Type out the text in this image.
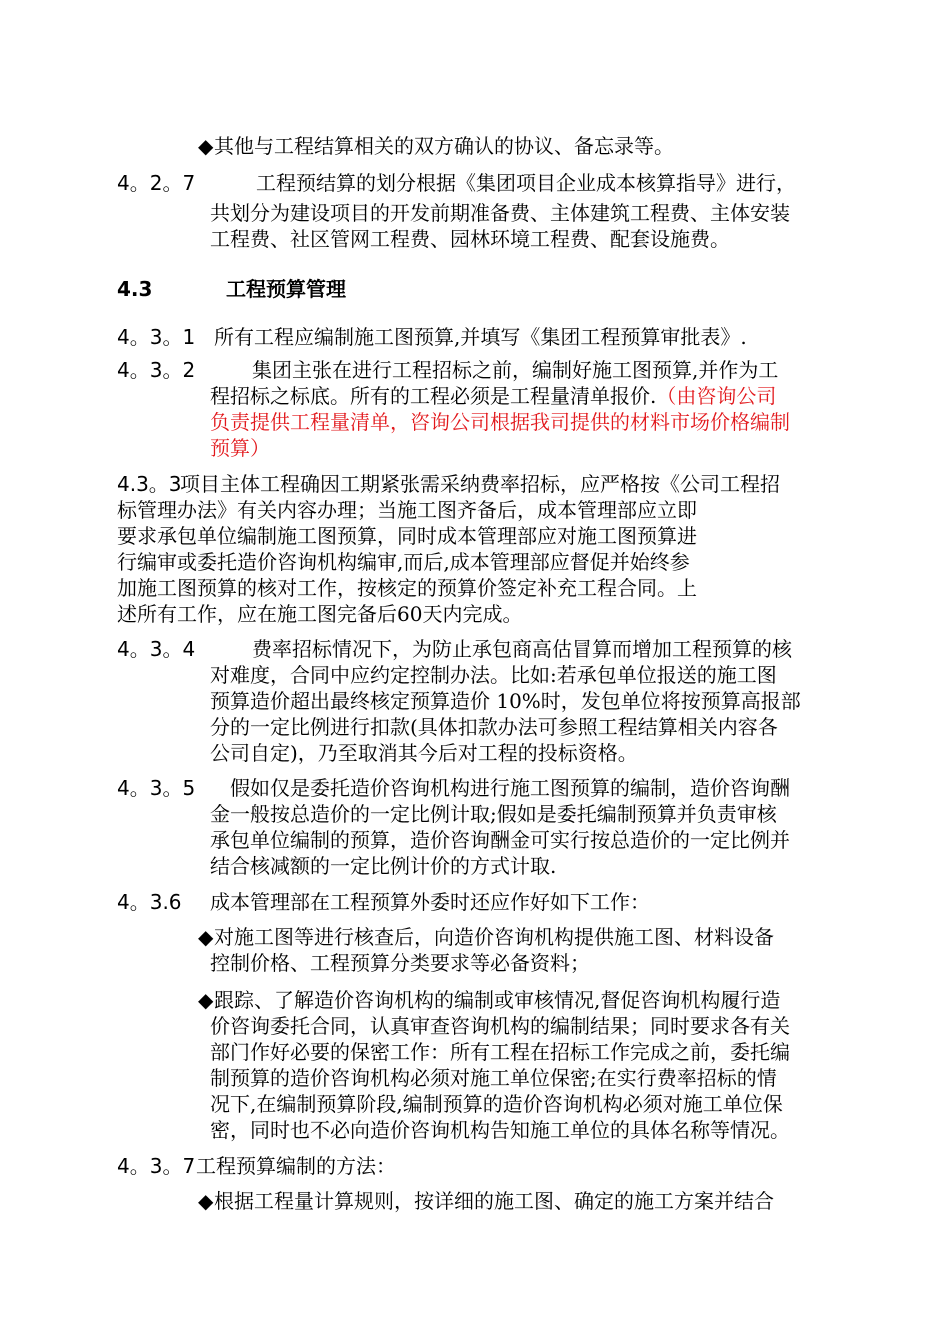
◆ 其他与工程结算相关的双方确认的协议、备忘录等。
4。2。7	工程预结算的划分根据《集团项目企业成本核算指导》进行，
共划分为建设项目的开发前期准备费、主体建筑工程费、主体安装
工程费、社区管网工程费、园林环境工程费、配套设施费。
4.3	工程预算管理
4。3。1 所有工程应编制施工图预算,并填写《集团工程预算审批表》.
4。3。2	集团主张在进行工程招标之前，编制好施工图预算,并作为工
程招标之标底。所有的工程必须是工程量清单报价.（由咨询公司
负责提供工程量清单，咨询公司根据我司提供的材料市场价格编制
预算）
4.3。3
项目主体工程确因工期紧张需采纳费率招标，应严格按《公司工程招
标管理办法》有关内容办理；当施工图齐备后，成本管理部应立即
要求承包单位编制施工图预算，同时成本管理部应对施工图预算进
行编审或委托造价咨询机构编审,而后,成本管理部应督促并始终参
加施工图预算的核对工作，按核定的预算价签定补充工程合同。上
述所有工作，应在施工图完备后60天内完成。
4。3。4	费率招标情况下，为防止承包商高估冒算而增加工程预算的核
对难度，合同中应约定控制办法。比如:若承包单位报送的施工图
预算造价超出最终核定预算造价 10%时，发包单位将按预算高报部
分的一定比例进行扣款(具体扣款办法可参照工程结算相关内容各
公司自定)，乃至取消其今后对工程的投标资格。
4。3。5 假如仅是委托造价咨询机构进行施工图预算的编制，造价咨询酬
金一般按总造价的一定比例计取;假如是委托编制预算并负责审核
承包单位编制的预算，造价咨询酬金可实行按总造价的一定比例并
结合核减额的一定比例计价的方式计取.
4。3.6 成本管理部在工程预算外委时还应作好如下工作：
◆ 对施工图等进行核查后，向造价咨询机构提供施工图、材料设备
控制价格、工程预算分类要求等必备资料；
◆ 跟踪、了解造价咨询机构的编制或审核情况,督促咨询机构履行造
价咨询委托合同，认真审查咨询机构的编制结果；同时要求各有关
部门作好必要的保密工作：所有工程在招标工作完成之前，委托编
制预算的造价咨询机构必须对施工单位保密;在实行费率招标的情
况下,在编制预算阶段,编制预算的造价咨询机构必须对施工单位保
密，同时也不必向造价咨询机构告知施工单位的具体名称等情况。
4。3。7 工程预算编制的方法：
◆ 根据工程量计算规则，按详细的施工图、确定的施工方案并结合
